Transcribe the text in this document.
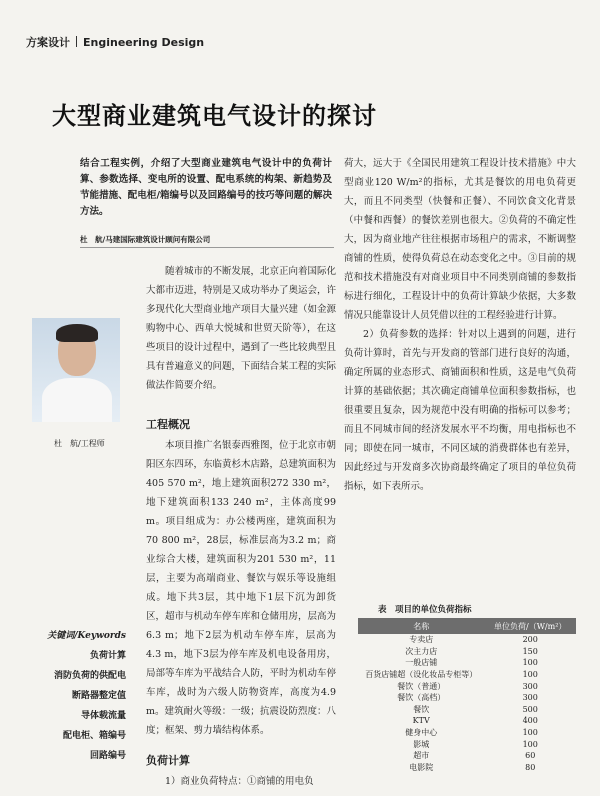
方案设计 Engineering Design
大型商业建筑电气设计的探讨
结合工程实例，介绍了大型商业建筑电气设计中的负荷计算、参数选择、变电所的设置、配电系统的构架、新趋势及节能措施、配电柜/箱编号以及回路编号的技巧等问题的解决方法。
杜　航/马建国际建筑设计顾问有限公司
杜　航/工程师

随着城市的不断发展，北京正向着国际化大都市迈进，特别是又成功举办了奥运会，许多现代化大型商业地产项目大量兴建（如金源购物中心、西单大悦城和世贸天阶等），在这些项目的设计过程中，遇到了一些比较典型且具有普遍意义的问题，下面结合某工程的实际做法作简要介绍。

工程概况

本项目推广名银泰西雅图，位于北京市朝阳区东四环，东临黄杉木店路，总建筑面积为405 570 m²，地上建筑面积272 330 m²，地下建筑面积133 240 m²，主体高度99 m。项目组成为：办公楼两座，建筑面积为70 800 m²，28层，标准层高为3.2 m；商业综合大楼，建筑面积为201 530 m²，11层，主要为高端商业、餐饮与娱乐等设施组成。地下共3层，其中地下1层下沉为卸货区，超市与机动车停车库和仓储用房，层高为6.3 m；地下2层为机动车停车库，层高为4.3 m，地下3层为停车库及机电设备用房，局部等车库为平战结合人防，平时为机动车停车库，战时为六级人防物资库，高度为4.9 m。建筑耐火等级：一级；抗震设防烈度：八度；框架、剪力墙结构体系。

负荷计算

1）商业负荷特点：①商铺的用电负

荷大，远大于《全国民用建筑工程设计技术措施》中大型商业120 W/m²的指标，尤其是餐饮的用电负荷更大，而且不同类型（快餐和正餐）、不同饮食文化背景（中餐和西餐）的餐饮差别也很大。②负荷的不确定性大，因为商业地产往往根据市场租户的需求，不断调整商铺的性质，使得负荷总在动态变化之中。③目前的规范和技术措施没有对商业项目中不同类别商铺的参数指标进行细化，工程设计中的负荷计算缺少依据，大多数情况只能靠设计人员凭借以往的工程经验进行计算。

2）负荷参数的选择：针对以上遇到的问题，进行负荷计算时，首先与开发商的管部门进行良好的沟通，确定所属的业态形式、商铺面积和性质，这是电气负荷计算的基础依据；其次确定商铺单位面积参数指标，也很重要且复杂，因为规范中没有明确的指标可以参考；而且不同城市间的经济发展水平不均衡，用电指标也不同；即使在同一城市，不同区域的消费群体也有差异，因此经过与开发商多次协商最终确定了项目的单位负荷指标，如下表所示。

关键词/Keywords
负荷计算
消防负荷的供配电
断路器整定值
导体载流量
配电柜、箱编号
回路编号
表　项目的单位负荷指标
名称	单位负荷/（W/m²）
专卖店	200
次主力店	150
一般店铺	100
百货店铺超（设化妆品专柜等）	100
餐饮（普通）	300
餐饮（高档）	300
餐饮	500
KTV	400
健身中心	100
影城	100
超市	60
电影院	80
